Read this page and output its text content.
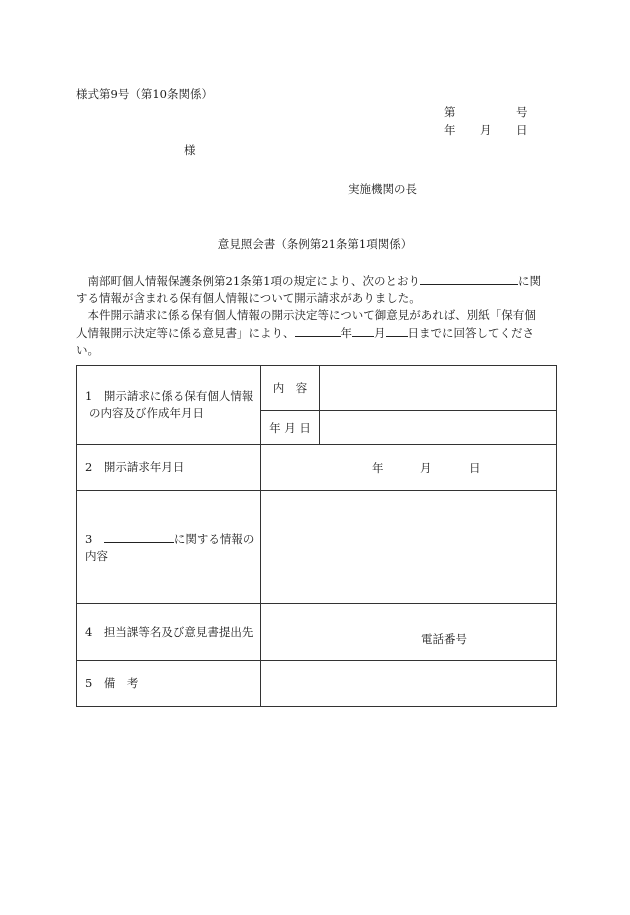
様式第9号（第10条関係）
第	号
年 月 日
様
実施機関の長
意見照会書（条例第21条第1項関係）

　南部町個人情報保護条例第21条第1項の規定により、次のとおり	に関

する情報が含まれる保有個人情報について開示請求がありました。

　本件開示請求に係る保有個人情報の開示決定等について御意見があれば、別紙「保有個

人情報開示決定等に係る意見書」により、	年 月 日までに回答してくださ

い。

1　開示請求に係る保有個人情報
の内容及び作成年月日	内　容	
	年 月 日	
2　開示請求年月日	年 月 日	

3　 に関する情報の
内容		

4　担当課等名及び意見書提出先	電話番号	

5　備　考		
